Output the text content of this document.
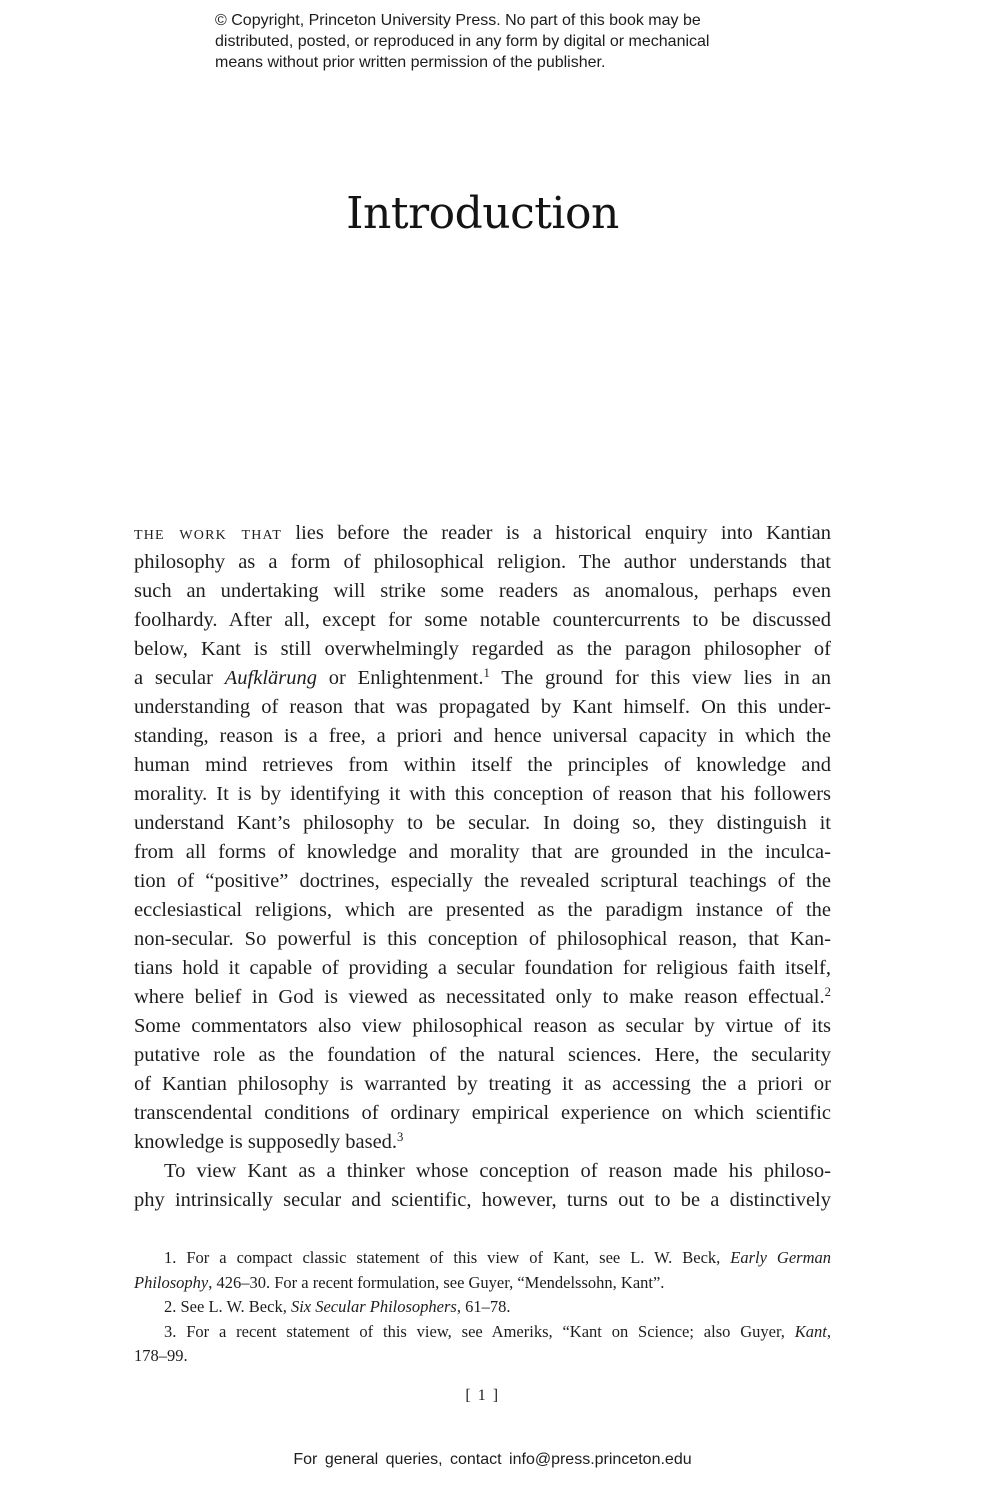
© Copyright, Princeton University Press. No part of this book may be
distributed, posted, or reproduced in any form by digital or mechanical
means without prior written permission of the publisher.
Introduction
the work that lies before the reader is a historical enquiry into Kantian
philosophy as a form of philosophical religion. The author understands that
such an undertaking will strike some readers as anomalous, perhaps even
foolhardy. After all, except for some notable countercurrents to be discussed
below, Kant is still overwhelmingly regarded as the paragon philosopher of
a secular Aufklärung or Enlightenment.$^1$ The ground for this view lies in an
understanding of reason that was propagated by Kant himself. On this under-
standing, reason is a free, a priori and hence universal capacity in which the
human mind retrieves from within itself the principles of knowledge and
morality. It is by identifying it with this conception of reason that his followers
understand Kant’s philosophy to be secular. In doing so, they distinguish it
from all forms of knowledge and morality that are grounded in the inculca-
tion of “positive” doctrines, especially the revealed scriptural teachings of the
ecclesiastical religions, which are presented as the paradigm instance of the
non-secular. So powerful is this conception of philosophical reason, that Kan-
tians hold it capable of providing a secular foundation for religious faith itself,
where belief in God is viewed as necessitated only to make reason effectual.$^2$
Some commentators also view philosophical reason as secular by virtue of its
putative role as the foundation of the natural sciences. Here, the secularity
of Kantian philosophy is warranted by treating it as accessing the a priori or
transcendental conditions of ordinary empirical experience on which scientific
knowledge is supposedly based.$^3$
To view Kant as a thinker whose conception of reason made his philoso-
phy intrinsically secular and scientific, however, turns out to be a distinctively
1. For a compact classic statement of this view of Kant, see L. W. Beck, Early German
Philosophy, 426–30. For a recent formulation, see Guyer, “Mendelssohn, Kant”.
2. See L. W. Beck, Six Secular Philosophers, 61–78.
3. For a recent statement of this view, see Ameriks, “Kant on Science; also Guyer, Kant,
178–99.
[ 1 ]
For general queries, contact info@press.princeton.edu
